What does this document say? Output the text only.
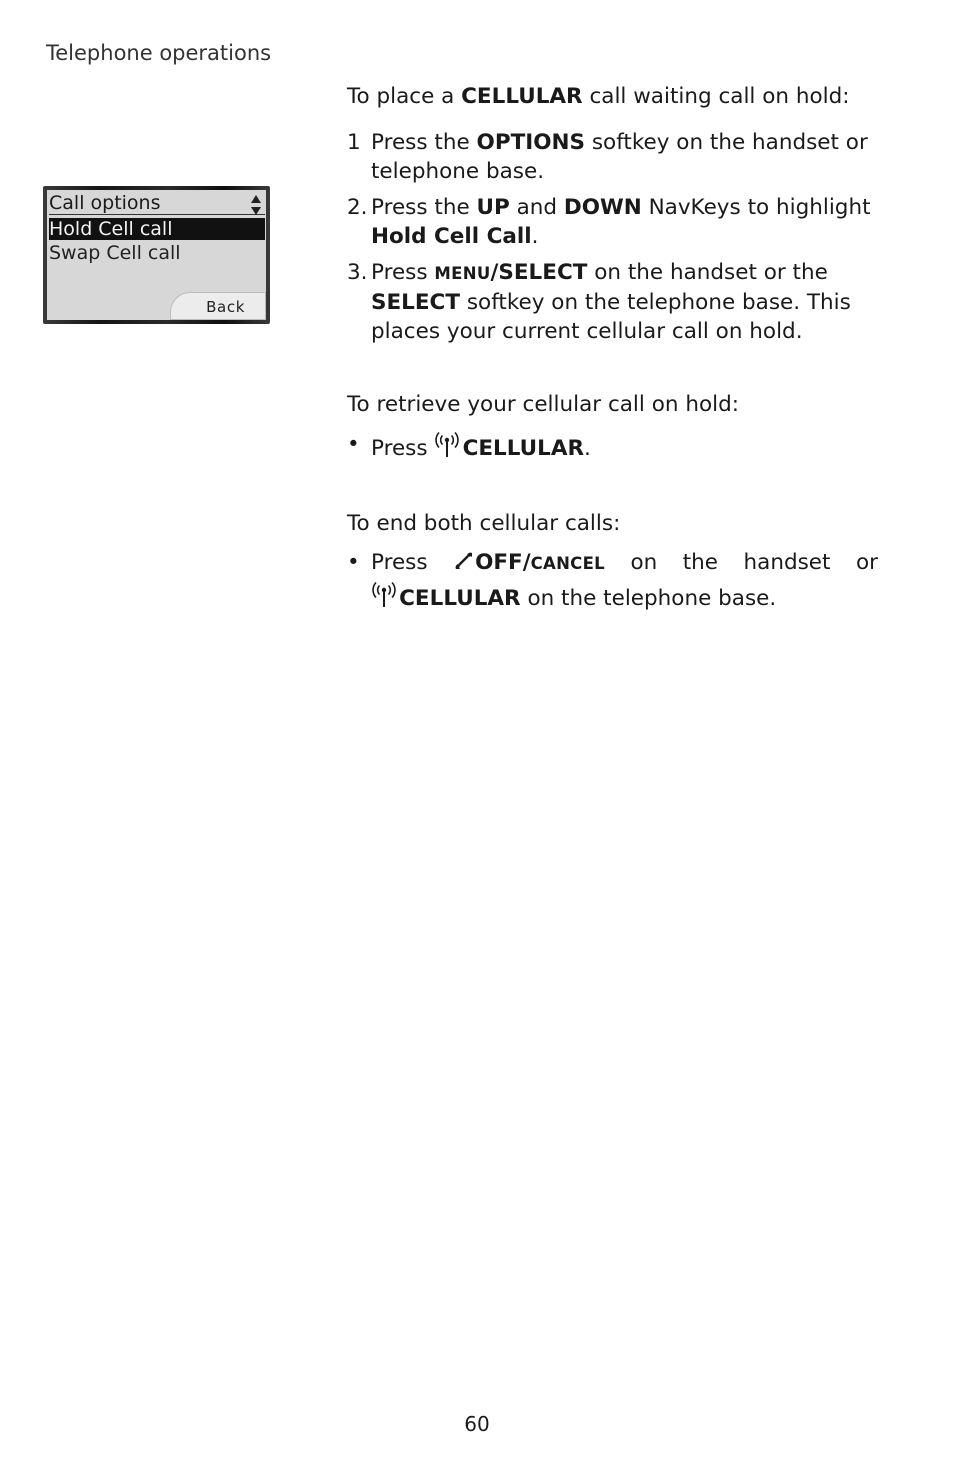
Telephone operations
Call options
Hold Cell call
Swap Cell call
Back
To place a CELLULAR call waiting call on hold:
1 Press the OPTIONS softkey on the handset or
telephone base.
2. Press the UP and DOWN NavKeys to highlight
Hold Cell Call.
3. Press MENU/SELECT on the handset or the
SELECT softkey on the telephone base. This
places your current cellular call on hold.
To retrieve your cellular call on hold:
• Press  CELLULAR.
To end both cellular calls:
• Press	OFF/CANCEL on the handset or
 CELLULAR on the telephone base.
60
